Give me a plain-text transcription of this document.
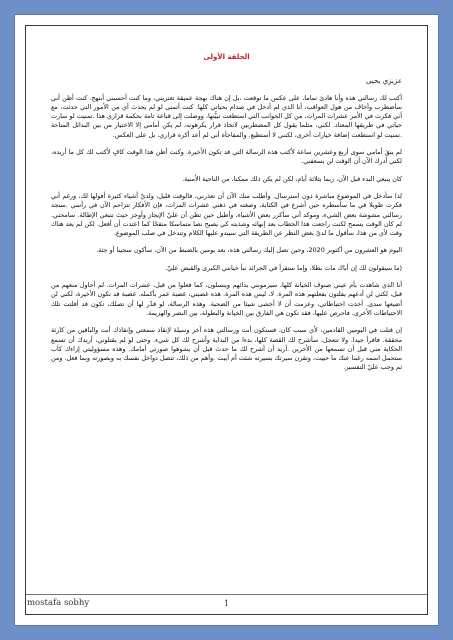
الحلقة الأولى

عزيزي يحيى

أكتب لك رسالتي هذه وأنا هادئ تماما، على عكس ما توقعت ،بل إن هناك بهجة عميقة تعتريني، وما كنت أحسبني أبتهج. كنت أظن أني سأضطرب وأخاف من هول العواقب، أنا الذي لم أدخل في صدام بحياتي كلها. كنت أتمنى لو لم يحدث أي من الأمور التي حدثت، مع أني فكرت في الأمر عشرات المرات، من كل الجوانب التي استطعت تبيُّنها، ووصلت إلى قناعة تامة بحكمة قراري هذا .تمنيت لو سارت حياتي في طريقها المعتاد. لكني، مثلما يقول كل المضطربين لاتخاذ قرار يكرهونه، لم يكن أمامي إلا الاختيار من بين البدائل المتاحة .تمنيت لو استطعت إضافة خيارات أخرى، لكنني لا أستطيع. والمفاجأة أني لم أعد أكره قراري، بل على العكس.

لم يبقَ أمامي سوى أربع وعشرين ساعة لأكتب هذه الرسالة التي قد تكون الأخيرة. وكنت أظن هذا الوقت كافٍ لأكتب لك كل ما أريده، لكني أدرك الآن أن الوقت لن يسعفني.

كان ينبغي البدء قبل الآن، ربما بثلاثة أيام، لكن لم يكن ذلك ممكنا، من الناحية الأمنية.

لذا سأدخل في الموضوع مباشرة دون استرسال. وأطلب منك الآن أن تعذرني، فالوقت قليل، ولديّ أشياء كثيرة أقولها لك، ورغم أني فكرت طويلا في ما سأسطره حين أشرع في الكتابة، وصغته في ذهني عشرات المرات، فإن الأفكار تتزاحم الآن في رأسي .سنجد رسالتي مشوشة بعض الشيء، وموكد أني سأكرر بعض الأشياء، وأطيل حين تظن أن عليّ الإيجاز وأوجز حيث تتبغي الإطالة. سامحني. لم كان الوقت يسمح لكنت راجعت هذا الخطاب بعد إنهائه وشذبته كي يصبح نصا متماسكا منقحًا كما اعتدت أن أفعل. لكن لم يعد هناك وقت لأي من هذا، سأقول ما لديّ بغض النظر عن الطريقة التي سيبدو عليها الكلام وتتدخل في صلب الموضوع.

اليوم هو العشرون من أكتوبر 2020، وحين تصل إليك رسالتي هذه، بعد يومين بالضبط من الآن، سأكون سجينا أو جثة.

(ما سيقولون لك إن أباك مات بطلا، وإما ستقرأ في الجرائد نبأ خيانتي الكبرى والقبض عليّ.

أنا الذي شاهدت بأم عيني صنوف الخيانة كلها، سيرمونني بدائهم وينسلون، كما فعلوا من قبل، عشرات المرات. لم أحاول منعهم من قبل، لكني لن أدعهم يفلتون بفعلتهم هذه المرة. لا، ليس هذه المرة. هذه غضبتي، غضبة عمر بأكمله. غضبة قد تكون الأخيرة، لكني لن أضيعها سدى. أخذت احتياطاتي، وعزمت أن لا أخشى شيئا من الضحية. وهذه الرسالة، لو قدّر لها أن تصلك، تكون قد أفلتت تلك الاحتياطات الأخرى. فاحرص عليها، فقد تكون هي الفارق بين الخيانة والبطولة، بين النصر والهزيمة.

إن قتلت في اليومين القادمين، لأي سبب كان، فستكون أنت ورسالتي هذه آخر وسيلة لإنقاذ سمعتي وإنقاذك أنت والباقين من كارثة محققة. فاقرأ جيدا. ولا تتعجل، سأشرح لك القصة كلها، بدءا من البداية وأشرح لك كل شيء. وحتى لو لم يقتلوني، أريدك أن تسمع الحكاية مني قبل أن تسمعها من الأخرين .أريد أن أشرح لك ما حدث قبل أن يشوهوا صورتي أمامك. وهذه مسؤوليتي إزاءك كأب ستحمل اسمه رغما عنك ما حييت، وتقرن سيرتك بسيرته شئت أم أبيت .وأهم من ذلك، تتصل دواخل نفسك به وبصورته وبما فعل. ومن ثم وجب عليّ التفسير.

mostafa sobhy	1
